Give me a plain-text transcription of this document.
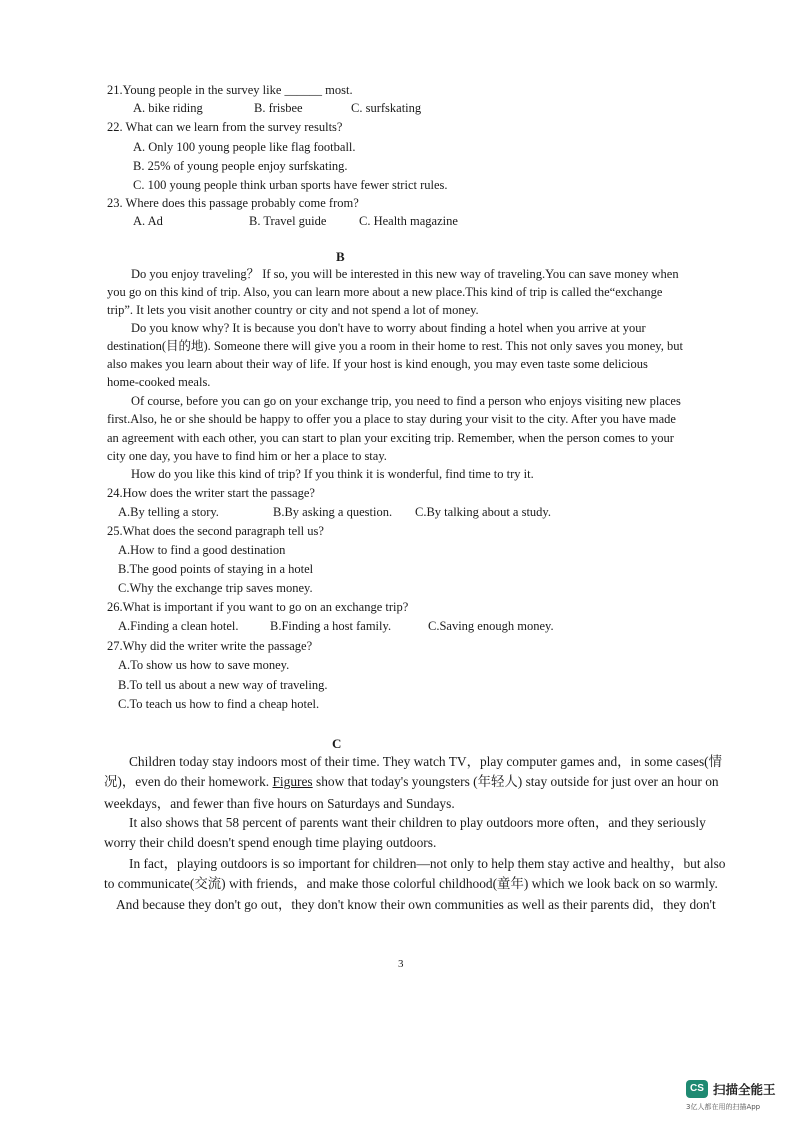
21.Young people in the survey like ______ most.
A. bike riding	B. frisbee	C. surfskating
22. What can we learn from the survey results?
A. Only 100 young people like flag football.
B. 25% of young people enjoy surfskating.
C. 100 young people think urban sports have fewer strict rules.
23. Where does this passage probably come from?
A. Ad	B. Travel guide	C. Health magazine
B
Do you enjoy traveling？ If so, you will be interested in this new way of traveling.You can save money when
you go on this kind of trip. Also, you can learn more about a new place.This kind of trip is called the“exchange
trip”. It lets you visit another country or city and not spend a lot of money.
Do you know why? It is because you don't have to worry about finding a hotel when you arrive at your
destination(目的地). Someone there will give you a room in their home to rest. This not only saves you money, but
also makes you learn about their way of life. If your host is kind enough, you may even taste some delicious
home-cooked meals.
Of course, before you can go on your exchange trip, you need to find a person who enjoys visiting new places
first.Also, he or she should be happy to offer you a place to stay during your visit to the city. After you have made
an agreement with each other, you can start to plan your exciting trip. Remember, when the person comes to your
city one day, you have to find him or her a place to stay.
How do you like this kind of trip? If you think it is wonderful, find time to try it.
24.How does the writer start the passage?
A.By telling a story.	B.By asking a question. C.By talking about a study.
25.What does the second paragraph tell us?
A.How to find a good destination
B.The good points of staying in a hotel
C.Why the exchange trip saves money.
26.What is important if you want to go on an exchange trip?
A.Finding a clean hotel.	B.Finding a host family.	C.Saving enough money.
27.Why did the writer write the passage?
A.To show us how to save money.
B.To tell us about a new way of traveling.
C.To teach us how to find a cheap hotel.
C
Children today stay indoors most of their time. They watch TV，play computer games and，in some cases(情
况)，even do their homework. Figures show that today's youngsters (年轻人) stay outside for just over an hour on
weekdays，and fewer than five hours on Saturdays and Sundays.
It also shows that 58 percent of parents want their children to play outdoors more often，and they seriously
worry their child doesn't spend enough time playing outdoors.
In fact，playing outdoors is so important for children—not only to help them stay active and healthy，but also
to communicate(交流) with friends，and make those colorful childhood(童年) which we look back on so warmly.
And because they don't go out，they don't know their own communities as well as their parents did，they don't
3
CS 扫描全能王
3亿人都在用的扫描App
